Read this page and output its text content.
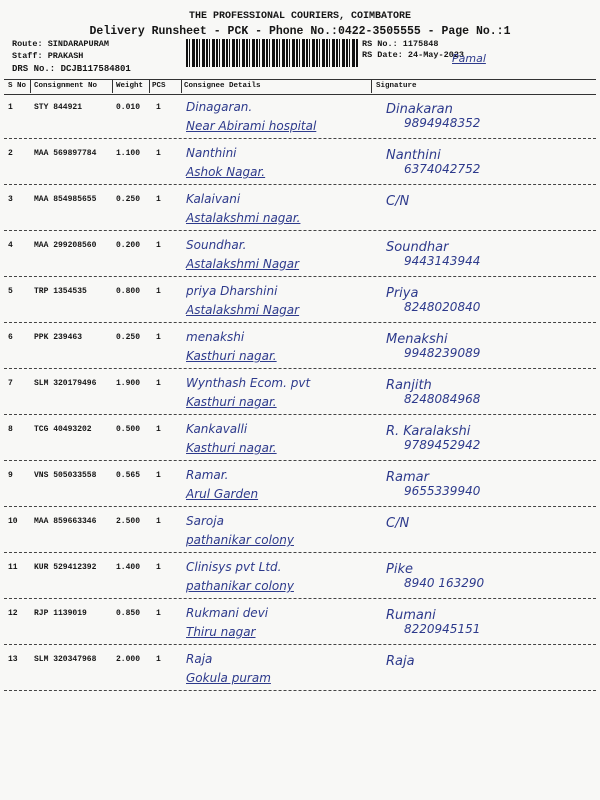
THE PROFESSIONAL COURIERS, COIMBATORE
Delivery Runsheet - PCK - Phone No.:0422-3505555 - Page No.:1
Route: SINDARAPURAM
Staff: PRAKASH
DRS No.: DCJB117584801
RS No.: 1175848
RS Date: 24-May-2023
Pamal
S No Consignment No	Weight PCS Consignee Details	Signature
1	STY 844921	0.010 1 Dinagaran.
Near Abirami hospital
Dinakaran
9894948352
2	MAA 569897784 1.100 1 Nanthini
Ashok Nagar.
Nanthini
6374042752
3	MAA 854985655 0.250 1 Kalaivani
Astalakshmi nagar.
C/N
4	MAA 299208560 0.200 1 Soundhar.
Astalakshmi Nagar
Soundhar
9443143944
5	TRP 1354535	0.800 1 priya Dharshini
Astalakshmi Nagar
Priya
8248020840
6	PPK 239463	0.250 1 menakshi
Kasthuri nagar.
Menakshi
9948239089
7	SLM 320179496 1.900 1 Wynthash Ecom. pvt
Kasthuri nagar.
Ranjith
8248084968
8	TCG 40493202	0.500 1 Kankavalli
Kasthuri nagar.
R. Karalakshi
9789452942
9	VNS 505033558 0.565 1 Ramar.
Arul Garden
Ramar
9655339940
10 MAA 859663346 2.500 1 Saroja
pathanikar colony
C/N
11 KUR 529412392 1.400 1 Clinisys pvt Ltd.
pathanikar colony
Pike
8940 163290
12 RJP 1139019	0.850 1 Rukmani devi
Thiru nagar
Rumani
8220945151
13 SLM 320347968 2.000 1 Raja
Gokula puram
Raja
